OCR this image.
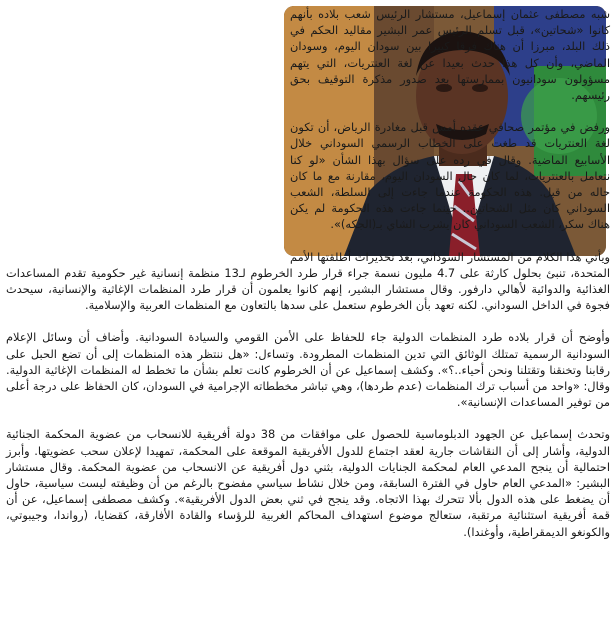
شبه مصطفى عثمان إسماعيل، مستشار الرئيس شعب بلاده بأنهم كانوا «شحاتين»، قبل تسلم الرئيس عمر البشير مقاليد الحكم في ذلك البلد، مبرزا أن هناك فرقا كبيرا بين سودان اليوم، وسودان الماضي، وأن كل هذا حدث بعيدا عن لغة العنتريات، التي يتهم مسؤولون سودانيون بممارستها بعد صدور مذكرة التوقيف بحق رئيسهم.

ورفض في مؤتمر صحافي عقده أمس قبل مغادرة الرياض، أن تكون لغة العنتريات قد طغت على الخطاب الرسمي السوداني خلال الأسابيع الماضية. وقال في رده على سؤال بهذا الشأن «لو كنا نتعامل بالعنتريات، لما كان حال السودان اليوم، مقارنة مع ما كان حاله من قبل. هذه الحكومة عندما جاءت إلى السلطة، الشعب السوداني كان مثل الشحاتين.. حينما جاءت هذه الحكومة لم يكن هناك سكر، الشعب السوداني كان يشرب الشاي بـ(الجكه)».

ويأتي هذا الكلام من المستشار السوداني، بعد تحذيرات أطلقتها الأمم المتحدة، تنبئ بحلول كارثة على 4.7 مليون نسمة جراء قرار طرد الخرطوم لـ13 منظمة إنسانية غير حكومية تقدم المساعدات الغذائية والدوائية لأهالي دارفور. وقال مستشار البشير، إنهم كانوا يعلمون أن قرار طرد المنظمات الإغاثية والإنسانية، سيحدث فجوة في الداخل السوداني. لكنه تعهد بأن الخرطوم ستعمل على سدها بالتعاون مع المنظمات العربية والإسلامية.

وأوضح أن قرار بلاده طرد المنظمات الدولية جاء للحفاظ على الأمن القومي والسيادة السودانية. وأضاف أن وسائل الإعلام السودانية الرسمية تمتلك الوثائق التي تدين المنظمات المطرودة. وتساءل: «هل ننتظر هذه المنظمات إلى أن تضع الحبل على رقابنا وتخنقنا وتقتلنا ونحن أحياء..؟». وكشف إسماعيل عن أن الخرطوم كانت تعلم بشأن ما تخطط له المنظمات الإغاثية الدولية. وقال: «واحد من أسباب ترك المنظمات (عدم طردها)، وهي تباشر مخططاته الإجرامية في السودان، كان الحفاظ على درجة أعلى من توفير المساعدات الإنسانية».

وتحدث إسماعيل عن الجهود الدبلوماسية للحصول على موافقات من 38 دولة أفريقية للانسحاب من عضوية المحكمة الجنائية الدولية، وأشار إلى أن النقاشات جارية لعقد اجتماع للدول الأفريقية الموقعة على المحكمة، تمهيدا لإعلان سحب عضويتها. وأبرز احتمالية أن ينجح المدعي العام لمحكمة الجنايات الدولية، بثني دول أفريقية عن الانسحاب من عضوية المحكمة. وقال مستشار البشير: «المدعي العام حاول في الفترة السابقة، ومن خلال نشاط سياسي مفضوح بالرغم من أن وظيفته ليست سياسية، حاول أن يضغط على هذه الدول بألا تتحرك بهذا الاتجاه. وقد ينجح في ثني بعض الدول الأفريقية». وكشف مصطفى إسماعيل، عن أن قمة أفريقية استثنائية مرتقبة، ستعالج موضوع استهداف المحاكم الغربية للرؤساء والقادة الأفارقة، كقضايا، (رواندا، وجيبوتي، والكونغو الديمقراطية، وأوغندا).
